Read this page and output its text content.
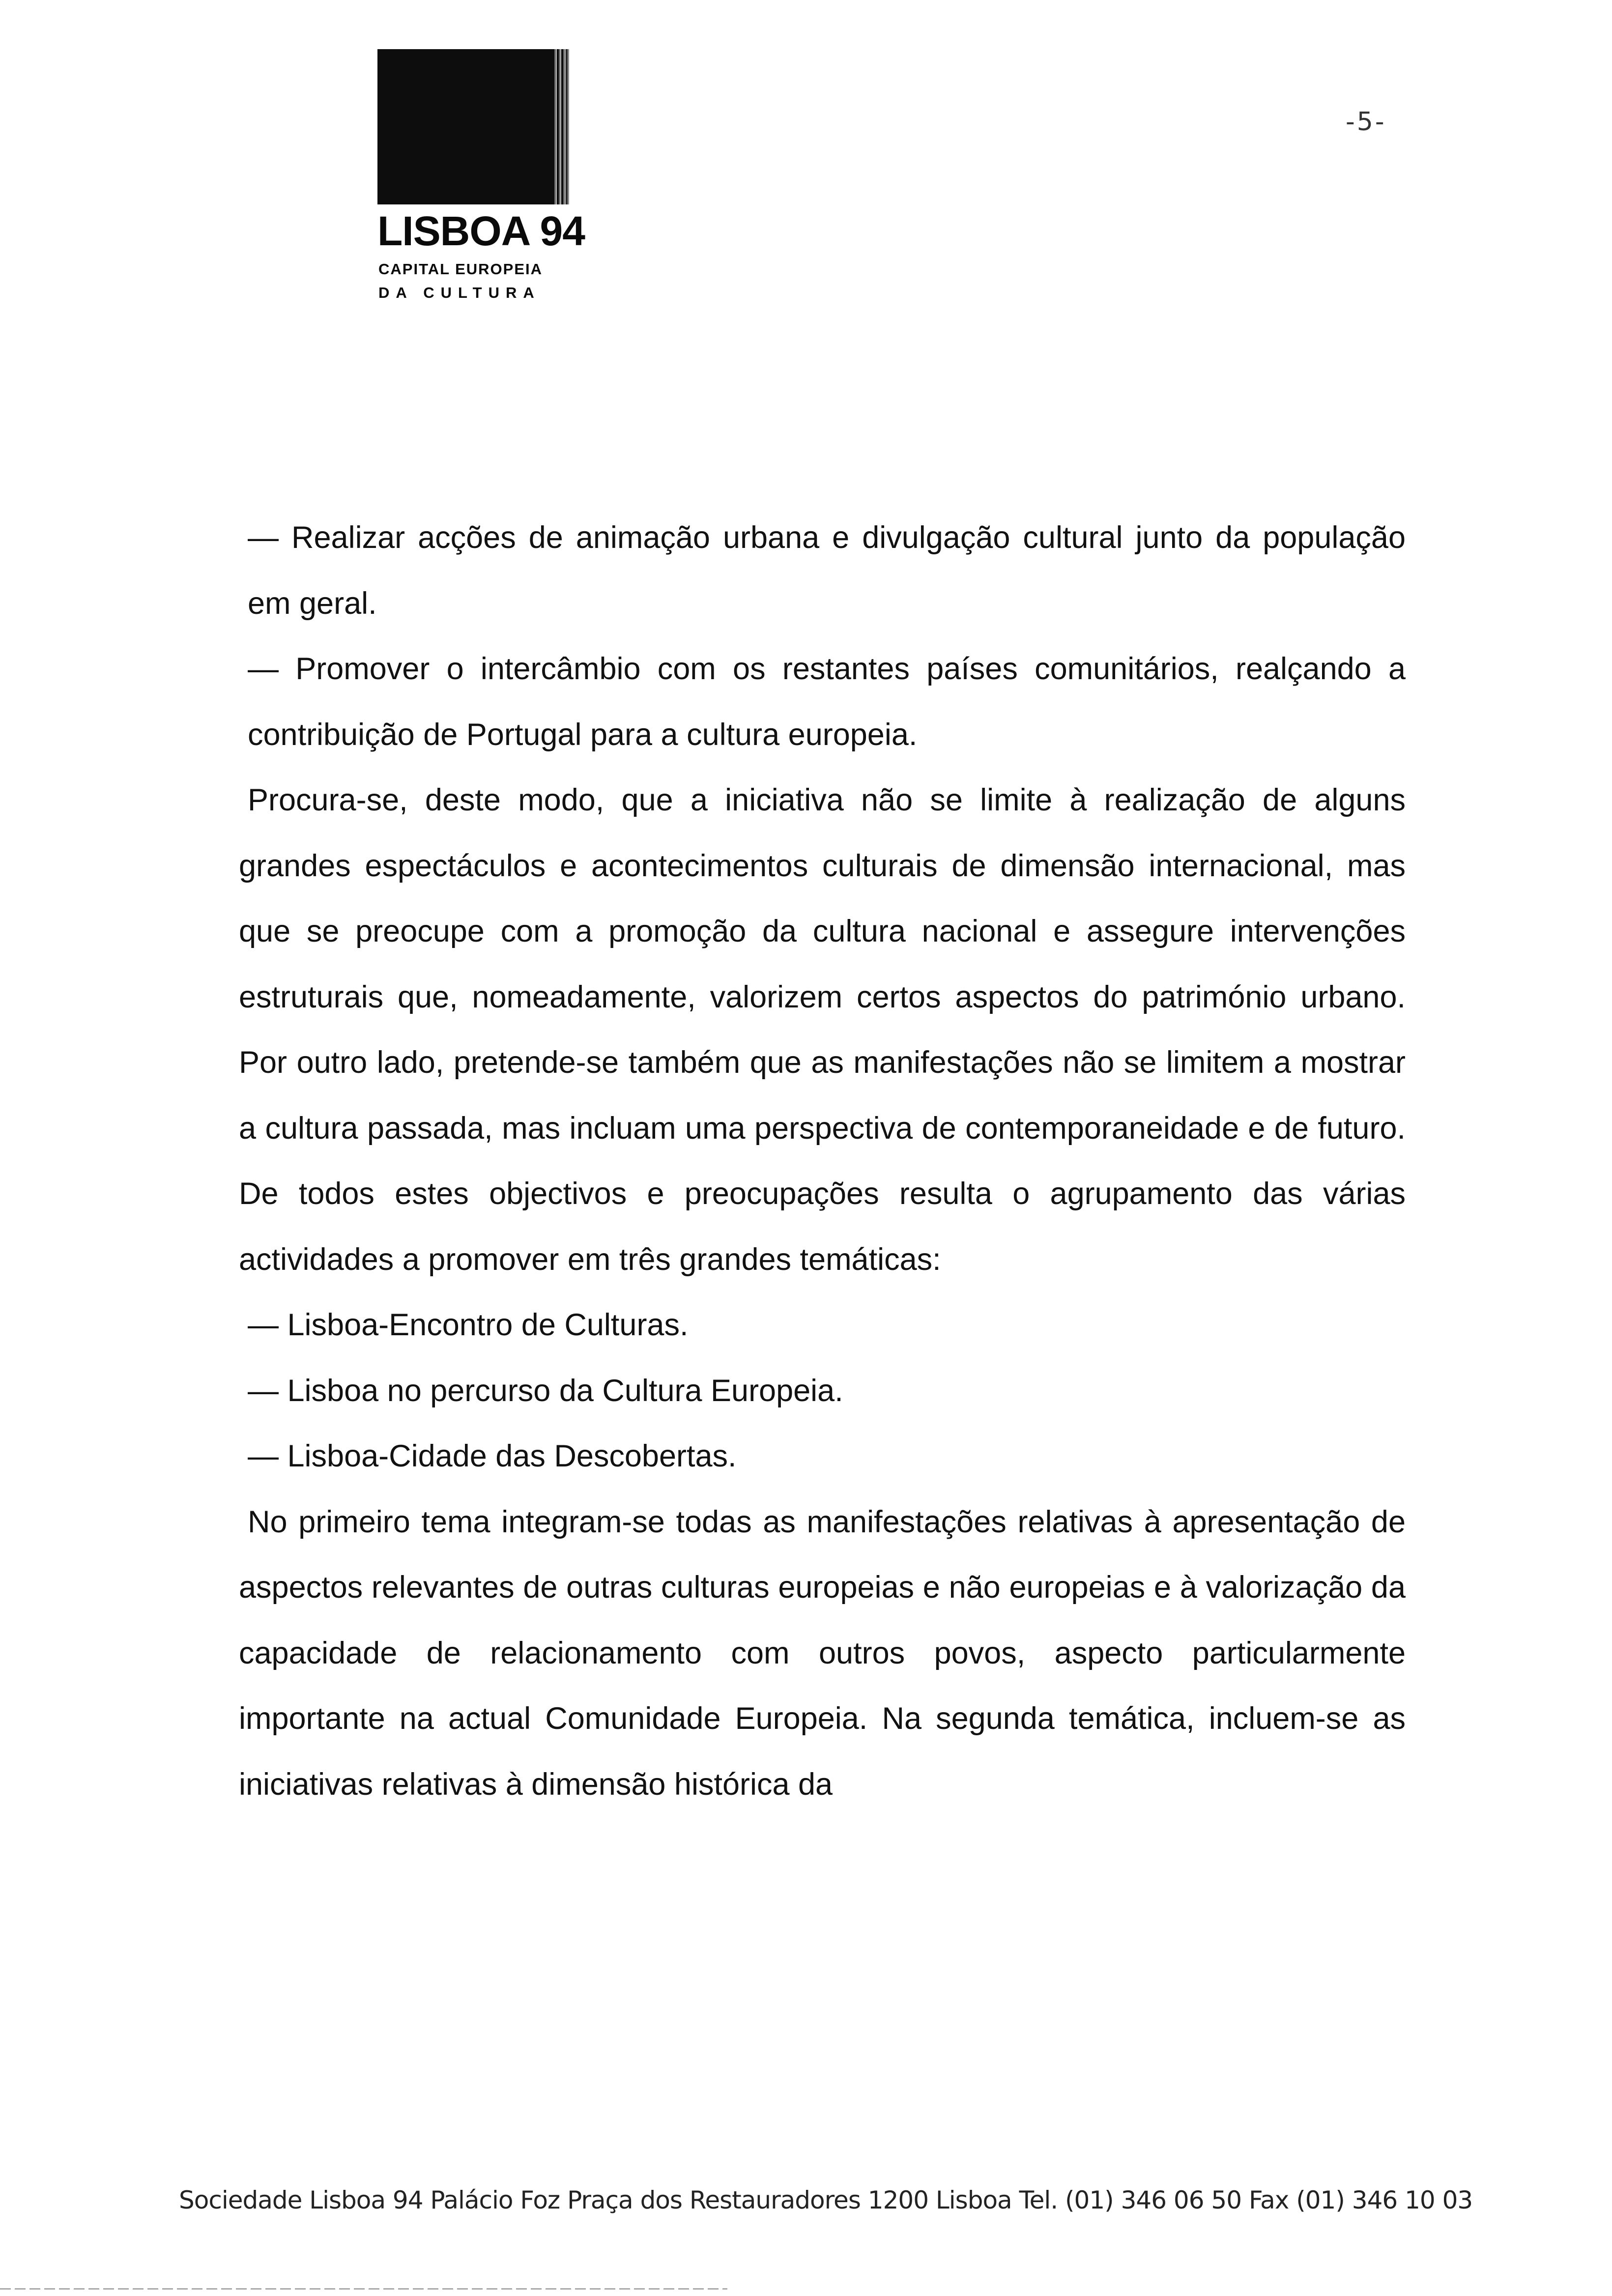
LISBOA 94
CAPITAL EUROPEIA
DA CULTURA
-5-

— Realizar acções de animação urbana e divulgação cultural junto da população em geral.

— Promover o intercâmbio com os restantes países comunitários, realçando a contribuição de Portugal para a cultura europeia.

Procura-se, deste modo, que a iniciativa não se limite à realização de alguns grandes espectáculos e acontecimentos culturais de dimensão internacional, mas que se preocupe com a promoção da cultura nacional e assegure intervenções estruturais que, nomeadamente, valorizem certos aspectos do património urbano. Por outro lado, pretende-se também que as manifestações não se limitem a mostrar a cultura passada, mas incluam uma perspectiva de contemporaneidade e de futuro. De todos estes objectivos e preocupações resulta o agrupamento das várias actividades a promover em três grandes temáticas:

— Lisboa-Encontro de Culturas.

— Lisboa no percurso da Cultura Europeia.

— Lisboa-Cidade das Descobertas.

No primeiro tema integram-se todas as manifestações relativas à apresentação de aspectos relevantes de outras culturas europeias e não europeias e à valorização da capacidade de relacionamento com outros povos, aspecto particularmente importante na actual Comunidade Europeia. Na segunda temática, incluem-se as iniciativas relativas à dimensão histórica da

Sociedade Lisboa 94 Palácio Foz Praça dos Restauradores 1200 Lisboa Tel. (01) 346 06 50 Fax (01) 346 10 03
